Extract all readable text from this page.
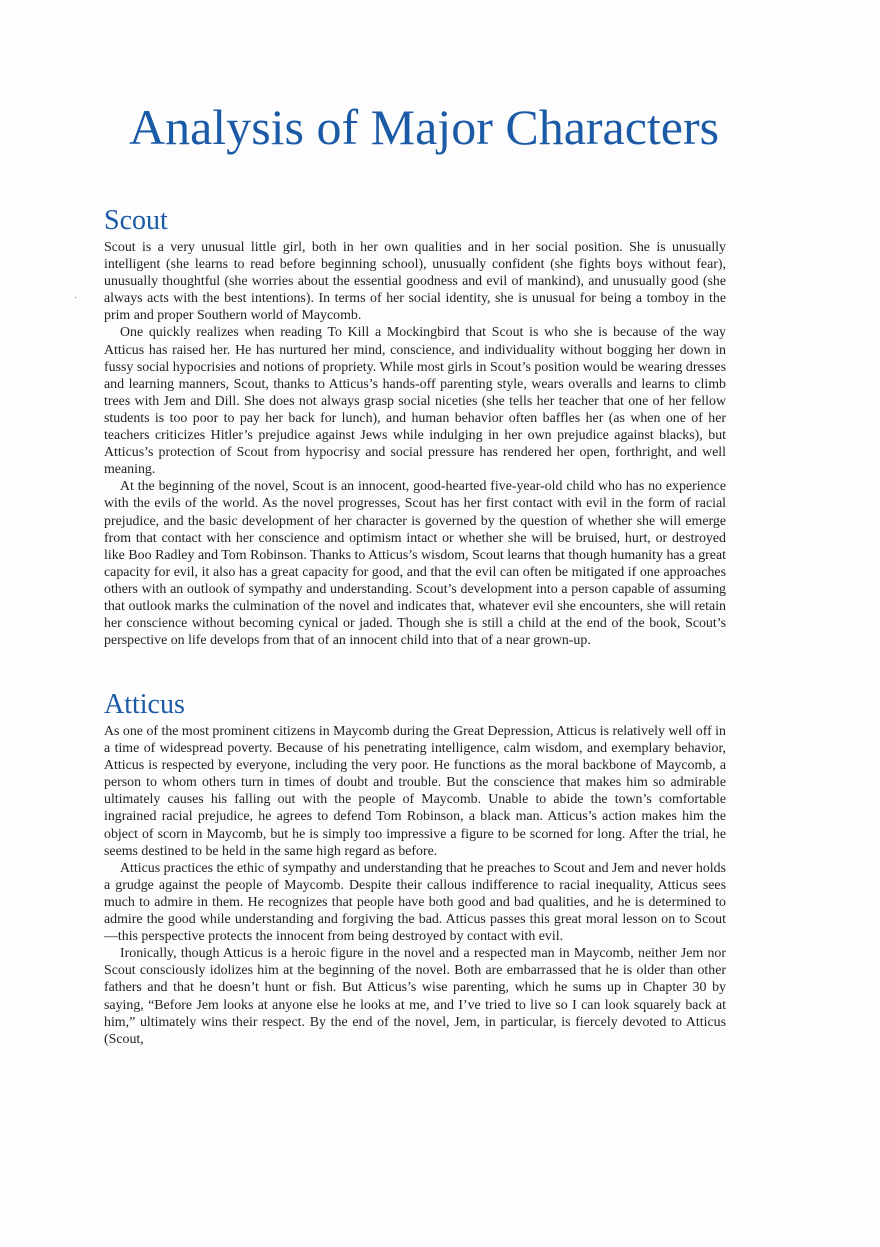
Analysis of Major Characters
Scout

Scout is a very unusual little girl, both in her own qualities and in her social position. She is unusually intelligent (she learns to read before beginning school), unusually confident (she fights boys without fear), unusually thoughtful (she worries about the essential goodness and evil of mankind), and unusually good (she always acts with the best intentions). In terms of her social identity, she is unusual for being a tomboy in the prim and proper Southern world of Maycomb.

One quickly realizes when reading To Kill a Mockingbird that Scout is who she is because of the way Atticus has raised her. He has nurtured her mind, conscience, and individuality without bogging her down in fussy social hypocrisies and notions of propriety. While most girls in Scout’s position would be wearing dresses and learning manners, Scout, thanks to Atticus’s hands-off parenting style, wears overalls and learns to climb trees with Jem and Dill. She does not always grasp social niceties (she tells her teacher that one of her fellow students is too poor to pay her back for lunch), and human behavior often baffles her (as when one of her teachers criticizes Hitler’s prejudice against Jews while indulging in her own prejudice against blacks), but Atticus’s protection of Scout from hypocrisy and social pressure has rendered her open, forthright, and well meaning.

At the beginning of the novel, Scout is an innocent, good-hearted five-year-old child who has no experience with the evils of the world. As the novel progresses, Scout has her first contact with evil in the form of racial prejudice, and the basic development of her character is governed by the question of whether she will emerge from that contact with her conscience and optimism intact or whether she will be bruised, hurt, or destroyed like Boo Radley and Tom Robinson. Thanks to Atticus’s wisdom, Scout learns that though humanity has a great capacity for evil, it also has a great capacity for good, and that the evil can often be mitigated if one approaches others with an outlook of sympathy and understanding. Scout’s development into a person capable of assuming that outlook marks the culmination of the novel and indicates that, whatever evil she encounters, she will retain her conscience without becoming cynical or jaded. Though she is still a child at the end of the book, Scout’s perspective on life develops from that of an innocent child into that of a near grown-up.

Atticus

As one of the most prominent citizens in Maycomb during the Great Depression, Atticus is relatively well off in a time of widespread poverty. Because of his penetrating intelligence, calm wisdom, and exemplary behavior, Atticus is respected by everyone, including the very poor. He functions as the moral backbone of Maycomb, a person to whom others turn in times of doubt and trouble. But the conscience that makes him so admirable ultimately causes his falling out with the people of Maycomb. Unable to abide the town’s comfortable ingrained racial prejudice, he agrees to defend Tom Robinson, a black man. Atticus’s action makes him the object of scorn in Maycomb, but he is simply too impressive a figure to be scorned for long. After the trial, he seems destined to be held in the same high regard as before.

Atticus practices the ethic of sympathy and understanding that he preaches to Scout and Jem and never holds a grudge against the people of Maycomb. Despite their callous indifference to racial inequality, Atticus sees much to admire in them. He recognizes that people have both good and bad qualities, and he is determined to admire the good while understanding and forgiving the bad. Atticus passes this great moral lesson on to Scout—this perspective protects the innocent from being destroyed by contact with evil.

Ironically, though Atticus is a heroic figure in the novel and a respected man in Maycomb, neither Jem nor Scout consciously idolizes him at the beginning of the novel. Both are embarrassed that he is older than other fathers and that he doesn’t hunt or fish. But Atticus’s wise parenting, which he sums up in Chapter 30 by saying, “Before Jem looks at anyone else he looks at me, and I’ve tried to live so I can look squarely back at him,” ultimately wins their respect. By the end of the novel, Jem, in particular, is fiercely devoted to Atticus (Scout,
